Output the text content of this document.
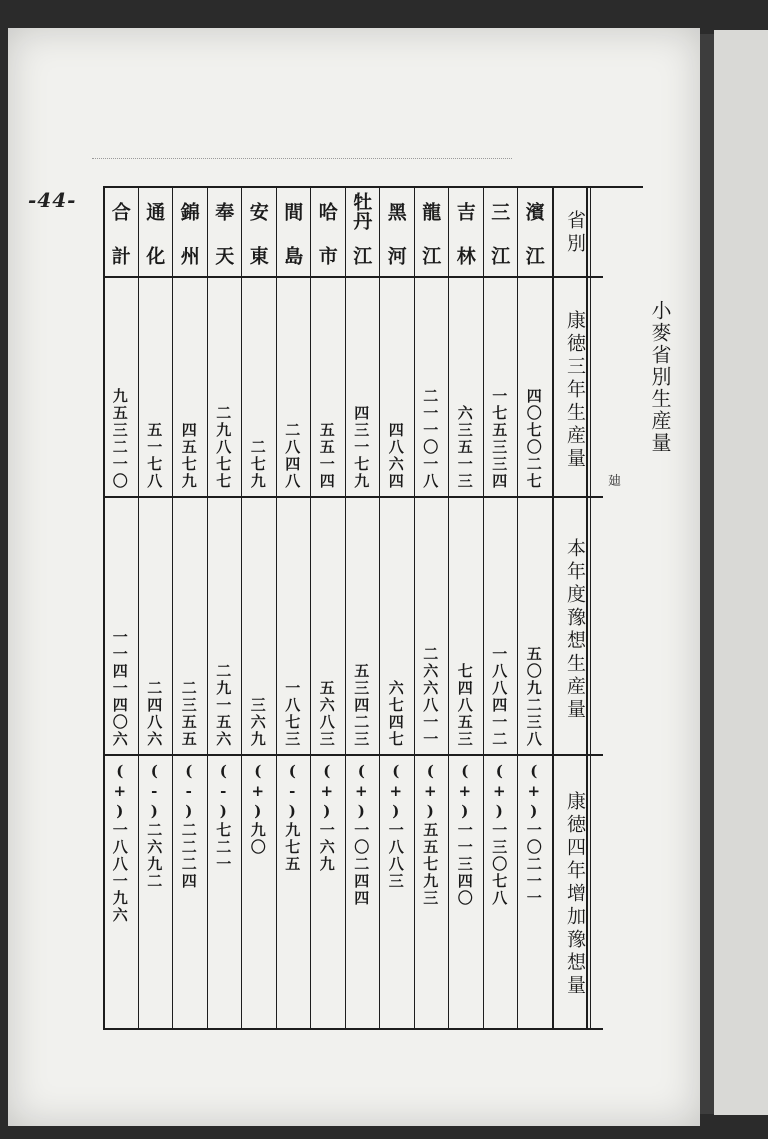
-44-
小麥省別生産量
濱
江
四〇七〇二七
五〇九二三八
(+)一〇二一一
三
江
一七五三三四
一八八四一二
(+)一三〇七八
吉
林
六三五一三
七四八五三
(+)一一三四〇
龍
江
二一一〇一八
二六六八一一
(+)五五七九三
黑
河
四八六四
六七四七
(+)一八八三
牡丹
江
四三一七九
五三四二三
(+)一〇二四四
哈
市
五五一四
五六八三
(+)一六九
間
島
二八四八
一八七三
(-)九七五
安
東
二七九
三六九
(+)九〇
奉
天
二九八七七
二九一五六
(-)七二一
錦
州
四五七九
二三五五
(-)二二二四
通
化
五一七八
二四八六
(-)二六九二
合
計
九五三二一〇
一一四一四〇六
(+)一八八一九六
省別
康徳三年生産量
本年度豫想生産量
康徳四年增加豫想量
廸
